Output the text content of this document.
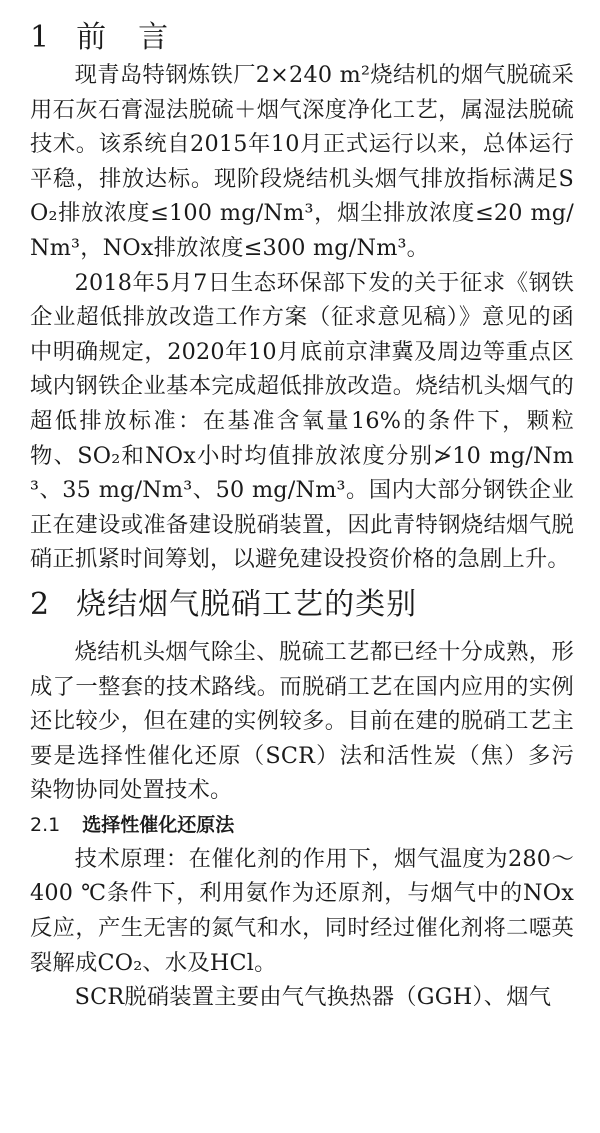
1 前　言

现青岛特钢炼铁厂2×240 m²烧结机的烟气脱硫采用石灰石膏湿法脱硫＋烟气深度净化工艺，属湿法脱硫技术。该系统自2015年10月正式运行以来，总体运行平稳，排放达标。现阶段烧结机头烟气排放指标满足SO₂排放浓度≤100 mg/Nm³，烟尘排放浓度≤20 mg/Nm³，NOx排放浓度≤300 mg/Nm³。

2018年5月7日生态环保部下发的关于征求《钢铁企业超低排放改造工作方案（征求意见稿）》意见的函中明确规定，2020年10月底前京津冀及周边等重点区域内钢铁企业基本完成超低排放改造。烧结机头烟气的超低排放标准：在基准含氧量16%的条件下，颗粒物、SO₂和NOx小时均值排放浓度分别≯10 mg/Nm³、35 mg/Nm³、50 mg/Nm³。国内大部分钢铁企业正在建设或准备建设脱硝装置，因此青特钢烧结烟气脱硝正抓紧时间筹划，以避免建设投资价格的急剧上升。

2 烧结烟气脱硝工艺的类别

烧结机头烟气除尘、脱硫工艺都已经十分成熟，形成了一整套的技术路线。而脱硝工艺在国内应用的实例还比较少，但在建的实例较多。目前在建的脱硝工艺主要是选择性催化还原（SCR）法和活性炭（焦）多污染物协同处置技术。

2.1 选择性催化还原法

技术原理：在催化剂的作用下，烟气温度为280～400 ℃条件下，利用氨作为还原剂，与烟气中的NOx反应，产生无害的氮气和水，同时经过催化剂将二噁英裂解成CO₂、水及HCl。

SCR脱硝装置主要由气气换热器（GGH）、烟气
